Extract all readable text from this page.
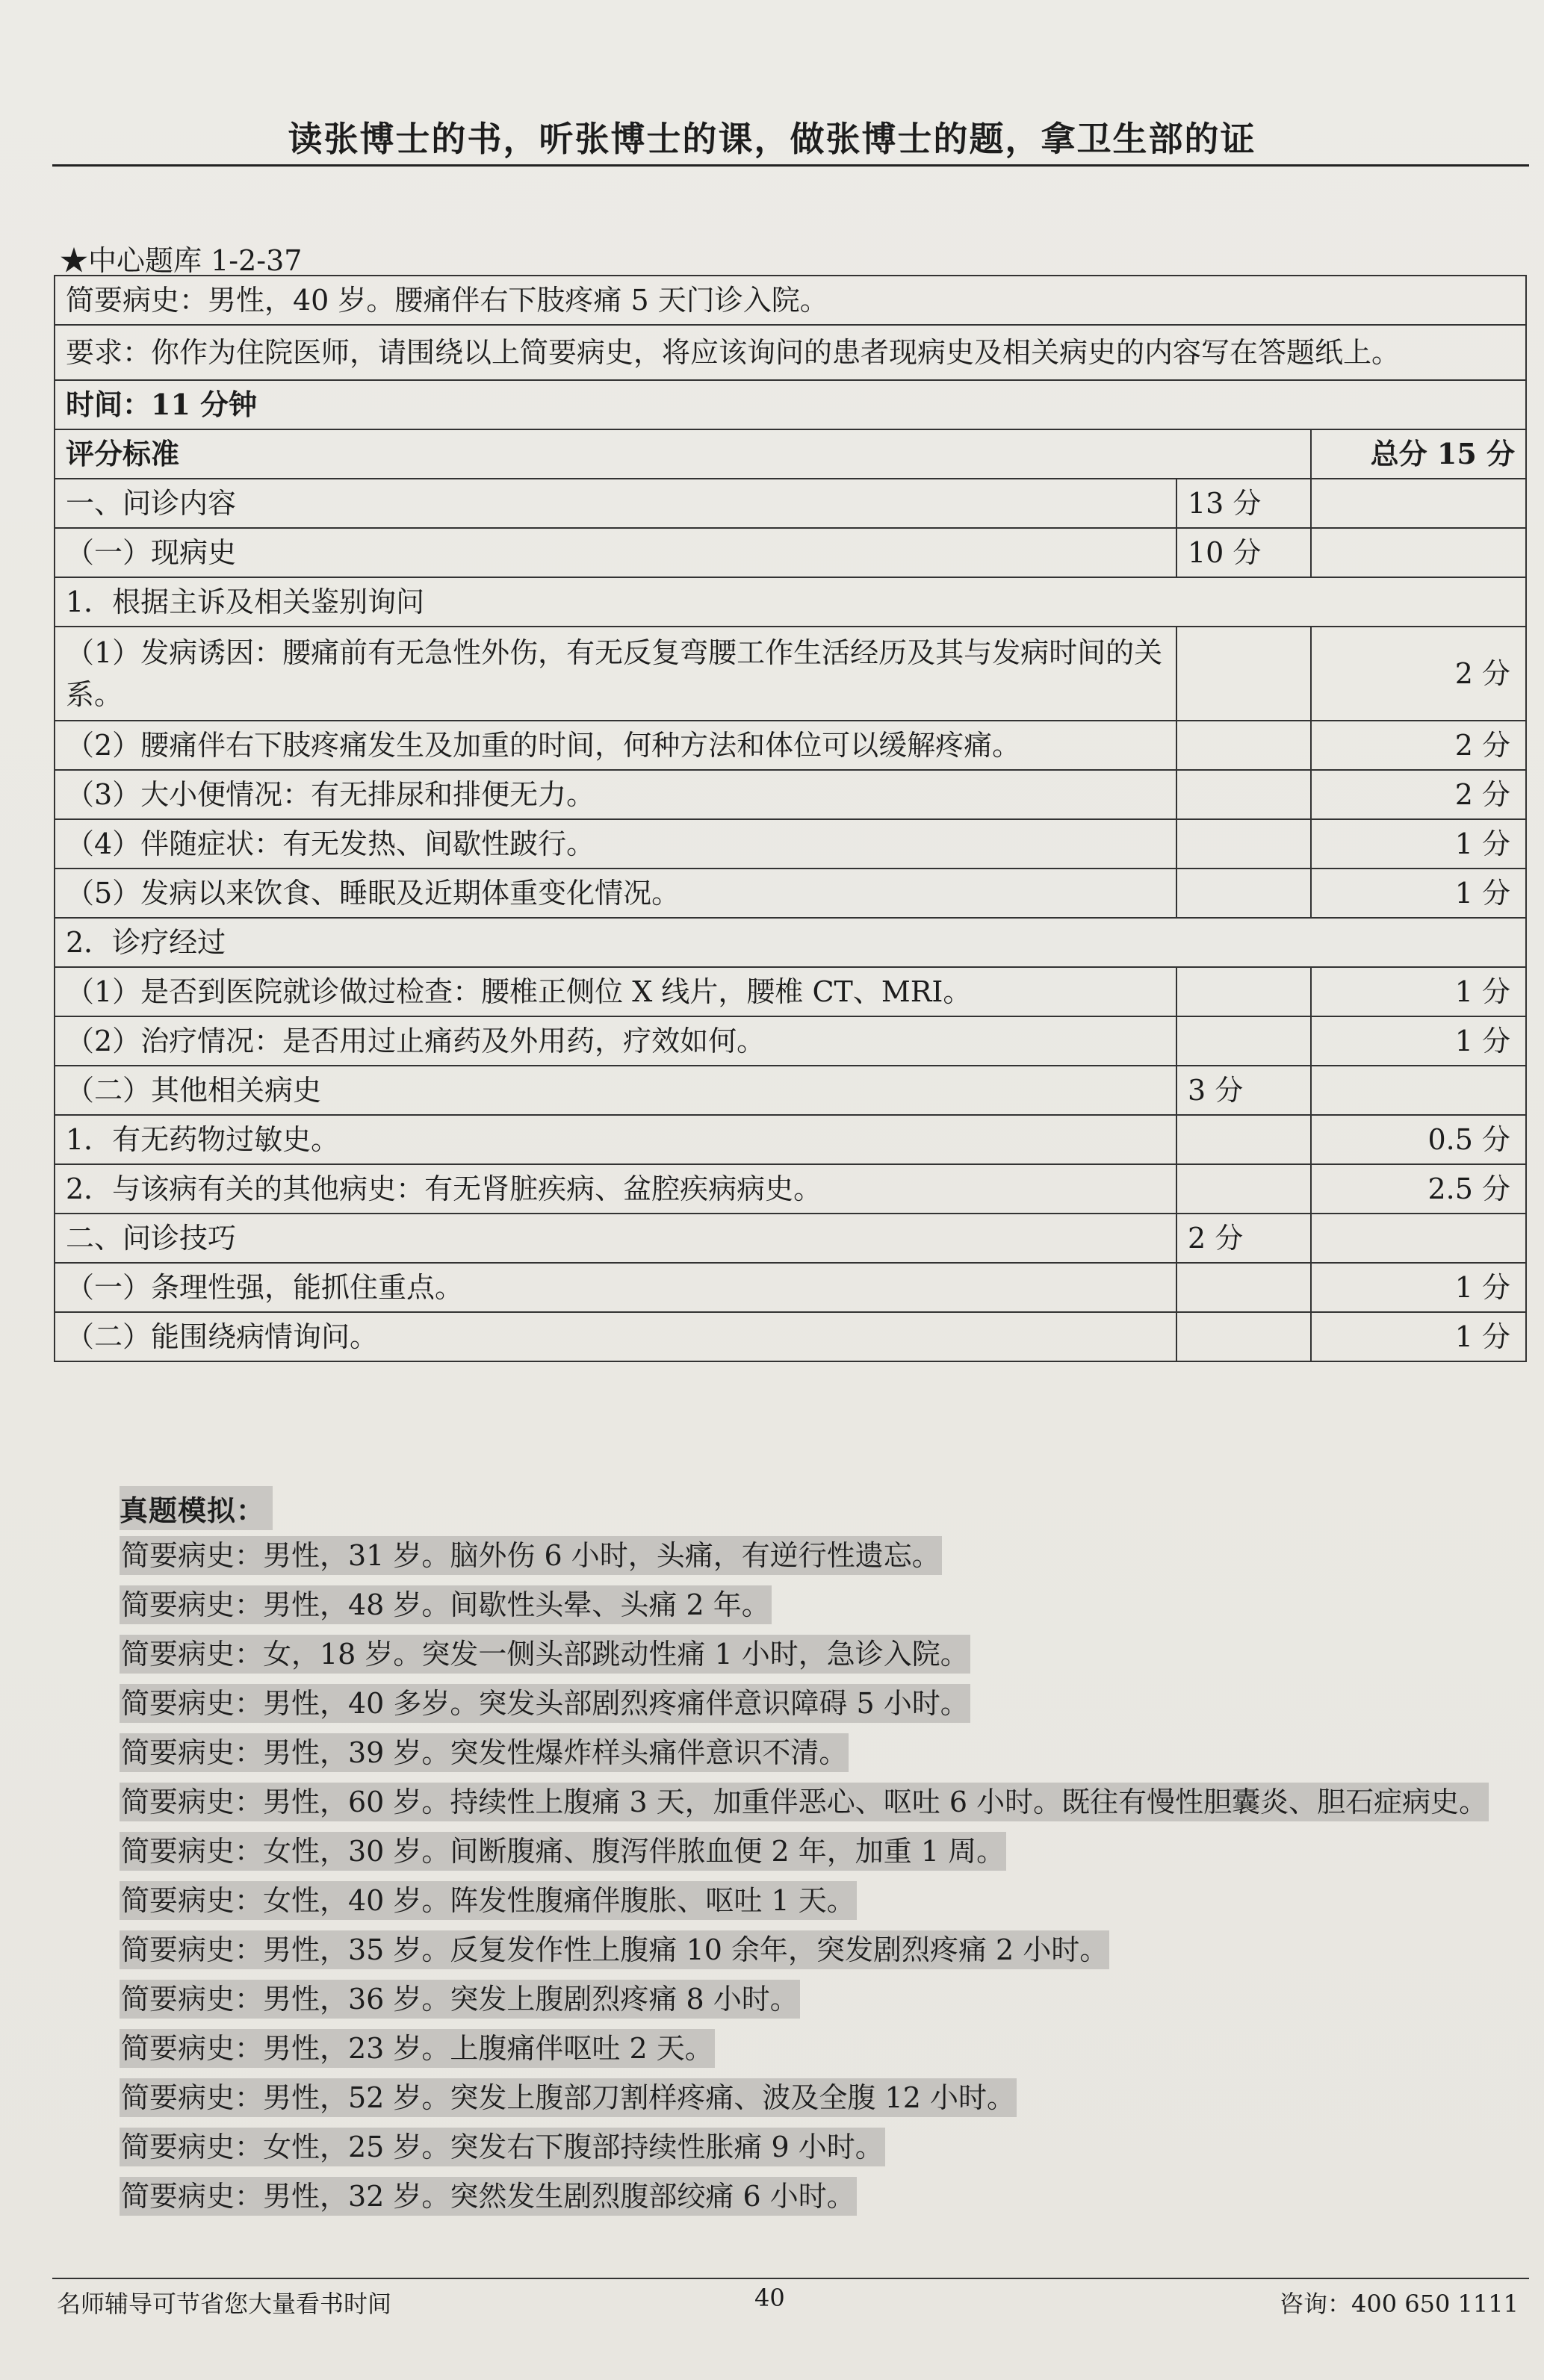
读张博士的书，听张博士的课，做张博士的题，拿卫生部的证
★中心题库 1-2-37
简要病史：男性，40 岁。腰痛伴右下肢疼痛 5 天门诊入院。		
要求：你作为住院医师，请围绕以上简要病史，将应该询问的患者现病史及相关病史的内容写在答题纸上。		
时间：11 分钟		
评分标准		总分 15 分
一、问诊内容	13 分	
（一）现病史	10 分	
1．根据主诉及相关鉴别询问		
（1）发病诱因：腰痛前有无急性外伤，有无反复弯腰工作生活经历及其与发病时间的关系。		2 分
（2）腰痛伴右下肢疼痛发生及加重的时间，何种方法和体位可以缓解疼痛。		2 分
（3）大小便情况：有无排尿和排便无力。		2 分
（4）伴随症状：有无发热、间歇性跛行。		1 分
（5）发病以来饮食、睡眠及近期体重变化情况。		1 分
2．诊疗经过		
（1）是否到医院就诊做过检查：腰椎正侧位 X 线片，腰椎 CT、MRI。		1 分
（2）治疗情况：是否用过止痛药及外用药，疗效如何。		1 分
（二）其他相关病史	3 分	
1．有无药物过敏史。		0.5 分
2．与该病有关的其他病史：有无肾脏疾病、盆腔疾病病史。		2.5 分
二、问诊技巧	2 分	
（一）条理性强，能抓住重点。		1 分
（二）能围绕病情询问。		1 分
真题模拟：
简要病史：男性，31 岁。脑外伤 6 小时，头痛，有逆行性遗忘。
简要病史：男性，48 岁。间歇性头晕、头痛 2 年。
简要病史：女，18 岁。突发一侧头部跳动性痛 1 小时，急诊入院。
简要病史：男性，40 多岁。突发头部剧烈疼痛伴意识障碍 5 小时。
简要病史：男性，39 岁。突发性爆炸样头痛伴意识不清。
简要病史：男性，60 岁。持续性上腹痛 3 天，加重伴恶心、呕吐 6 小时。既往有慢性胆囊炎、胆石症病史。
简要病史：女性，30 岁。间断腹痛、腹泻伴脓血便 2 年，加重 1 周。
简要病史：女性，40 岁。阵发性腹痛伴腹胀、呕吐 1 天。
简要病史：男性，35 岁。反复发作性上腹痛 10 余年，突发剧烈疼痛 2 小时。
简要病史：男性，36 岁。突发上腹剧烈疼痛 8 小时。
简要病史：男性，23 岁。上腹痛伴呕吐 2 天。
简要病史：男性，52 岁。突发上腹部刀割样疼痛、波及全腹 12 小时。
简要病史：女性，25 岁。突发右下腹部持续性胀痛 9 小时。
简要病史：男性，32 岁。突然发生剧烈腹部绞痛 6 小时。
名师辅导可节省您大量看书时间	40	咨询：400 650 1111
